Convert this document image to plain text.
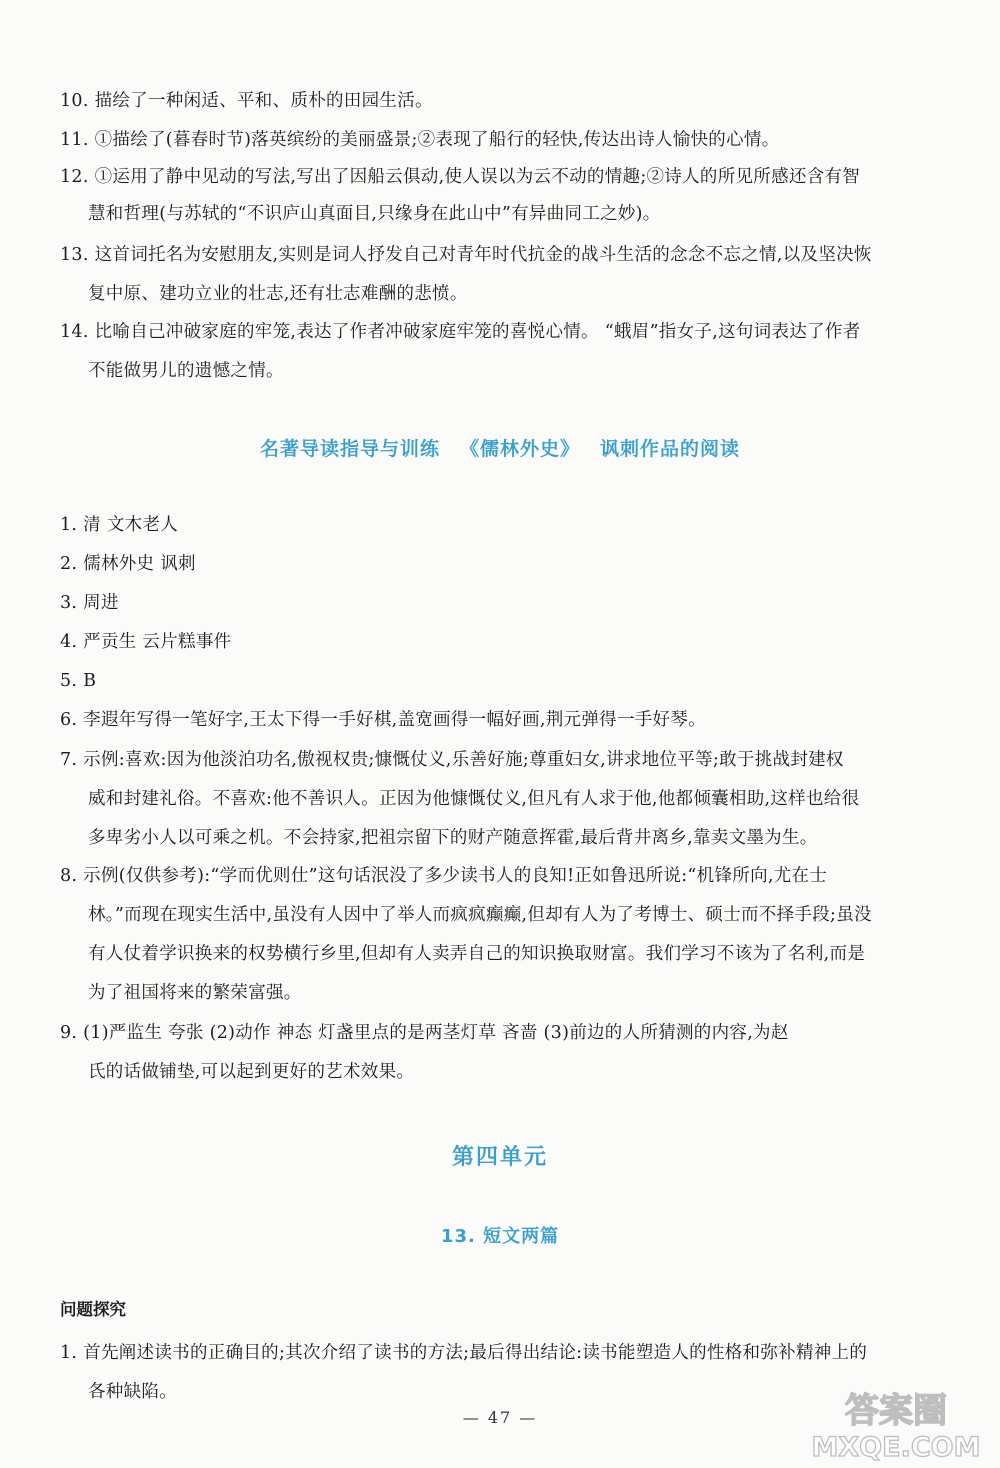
10. 描绘了一种闲适、平和、质朴的田园生活。
11. ①描绘了(暮春时节)落英缤纷的美丽盛景;②表现了船行的轻快,传达出诗人愉快的心情。
12. ①运用了静中见动的写法,写出了因船云俱动,使人误以为云不动的情趣;②诗人的所见所感还含有智
慧和哲理(与苏轼的“不识庐山真面目,只缘身在此山中”有异曲同工之妙)。
13. 这首词托名为安慰朋友,实则是词人抒发自己对青年时代抗金的战斗生活的念念不忘之情,以及坚决恢
复中原、建功立业的壮志,还有壮志难酬的悲愤。
14. 比喻自己冲破家庭的牢笼,表达了作者冲破家庭牢笼的喜悦心情。 “蛾眉”指女子,这句词表达了作者
不能做男儿的遗憾之情。
名著导读指导与训练 《儒林外史》 讽刺作品的阅读
1. 清 文木老人
2. 儒林外史 讽刺
3. 周进
4. 严贡生 云片糕事件
5. B
6. 李遐年写得一笔好字,王太下得一手好棋,盖宽画得一幅好画,荆元弹得一手好琴。
7. 示例:喜欢:因为他淡泊功名,傲视权贵;慷慨仗义,乐善好施;尊重妇女,讲求地位平等;敢于挑战封建权
威和封建礼俗。不喜欢:他不善识人。正因为他慷慨仗义,但凡有人求于他,他都倾囊相助,这样也给很
多卑劣小人以可乘之机。不会持家,把祖宗留下的财产随意挥霍,最后背井离乡,靠卖文墨为生。
8. 示例(仅供参考):“学而优则仕”这句话泯没了多少读书人的良知!正如鲁迅所说:“机锋所向,尤在士
林。”而现在现实生活中,虽没有人因中了举人而疯疯癫癫,但却有人为了考博士、硕士而不择手段;虽没
有人仗着学识换来的权势横行乡里,但却有人卖弄自己的知识换取财富。我们学习不该为了名利,而是
为了祖国将来的繁荣富强。
9. (1)严监生 夸张 (2)动作 神态 灯盏里点的是两茎灯草 吝啬 (3)前边的人所猜测的内容,为赵
氏的话做铺垫,可以起到更好的艺术效果。
第四单元
13. 短文两篇
问题探究
1. 首先阐述读书的正确目的;其次介绍了读书的方法;最后得出结论:读书能塑造人的性格和弥补精神上的
各种缺陷。
— 47 —	答案圈
MXQE.COM
